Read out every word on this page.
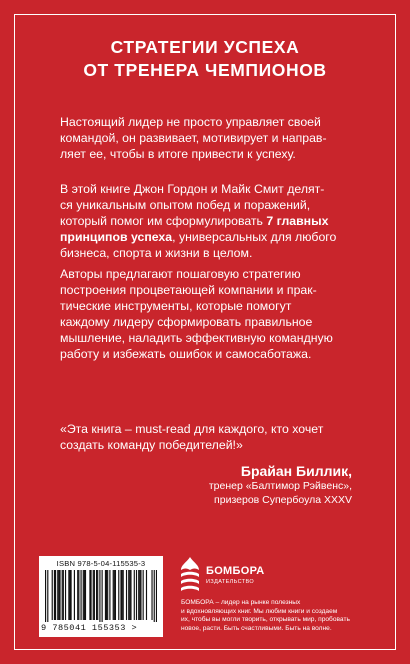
СТРАТЕГИИ УСПЕХА
ОТ ТРЕНЕРА ЧЕМПИОНОВ
Настоящий лидер не просто управляет своей
командой, он развивает, мотивирует и направ-
ляет ее, чтобы в итоге привести к успеху.
В этой книге Джон Гордон и Майк Смит делят-
ся уникальным опытом побед и поражений,
который помог им сформулировать 7 главных
принципов успеха, универсальных для любого
бизнеса, спорта и жизни в целом.
Авторы предлагают пошаговую стратегию
построения процветающей компании и прак-
тические инструменты, которые помогут
каждому лидеру сформировать правильное
мышление, наладить эффективную командную
работу и избежать ошибок и самосаботажа.
«Эта книга – must-read для каждого, кто хочет
создать команду победителей!»
Брайан Биллик,
тренер «Балтимор Рэйвенс»,
призеров Супербоула XXXV
ISBN 978-5-04-115535-3
9 785041 155353 >
БОМБОРА
ИЗДАТЕЛЬСТВО
БОМБОРА – лидер на рынке полезных
и вдохновляющих книг. Мы любим книги и создаем
их, чтобы вы могли творить, открывать мир, пробовать
новое, расти. Быть счастливыми. Быть на волне.
